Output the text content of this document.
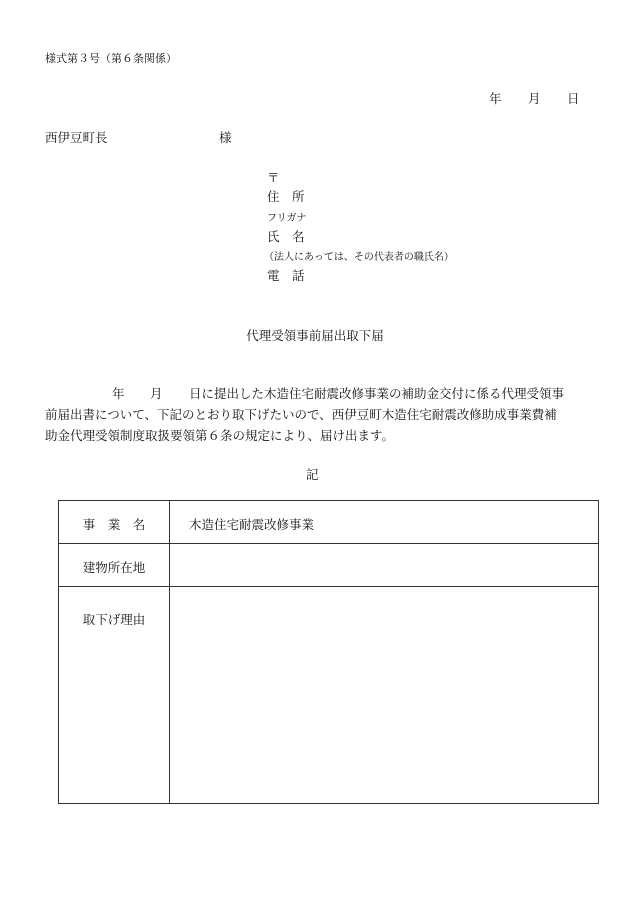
様式第３号（第６条関係）
年 月 日
西伊豆町長	様
〒
住　所
フリガナ
氏　名
（法人にあっては、その代表者の職氏名）
電　話
代理受領事前届出取下届
年 月 日に提出した木造住宅耐震改修事業の補助金交付に係る代理受領事
前届出書について、下記のとおり取下げたいので、西伊豆町木造住宅耐震改修助成事業費補
助金代理受領制度取扱要領第６条の規定により、届け出ます。
記
事　業　名	木造住宅耐震改修事業
建物所在地
取下げ理由
